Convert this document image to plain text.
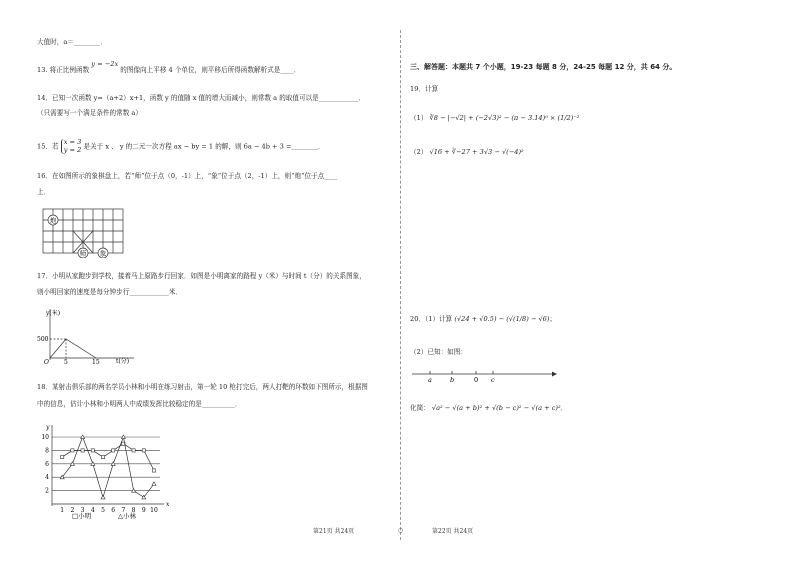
大值时，a＝________．
13. 将正比例函数 y = −2x 的图像向上平移 4 个单位，则平移后所得函数解析式是____．
14．已知一次函数 y=（a+2）x+1，函数 y 的值随 x 值的增大而减小，则常数 a 的取值可以是____________．
（只需要写一个满足条件的常数 a）
15．若 x = 3
y = 2 是关于 x 、 y 的二元一次方程 ax − by = 1 的解，则 6a − 4b + 3 =________．
16．在如图所示的象棋盘上，若“师”位于点（0，-1）上，“象”位于点（2，-1）上，则“炮”位于点____
上．
炮
师 象
17．小明从家跑步到学校，接着马上原路步行回家．如图是小明离家的路程 y（米）与时间 t（分）的关系图象，
则小明回家的速度是每分钟步行____________米．
y(米)
t(分)
O
500
5	15
18．某射击俱乐部的两名学员小林和小明在练习射击，第一轮 10 枪打完后，两人打靶的环数如下图所示，根据图
中的信息，估计小林和小明两人中成绩发挥比较稳定的是__________．
2
4
6
8
10
x
y
1 2 3 4 5 6 7 8 9 10
□小明	△小林
第21页 共24页	○
三、解答题：本题共 7 个小题，19-23 每题 8 分，24-25 每题 12 分，共 64 分。
19．计算
（1） ∛8 − |−√2| + (−2√3)² − (π − 3.14)⁰ × (1/2)⁻²
（2） √16 + ∛−27 + 3√3 − √(−4)²
20．（1）计算 (√24 + √0.5) − (√(1/8) − √6)；
（2）已知：如图：
a	b	0 c
化简： √a² − √(a + b)² + √(b − c)² − √(a + c)²．
第22页 共24页
